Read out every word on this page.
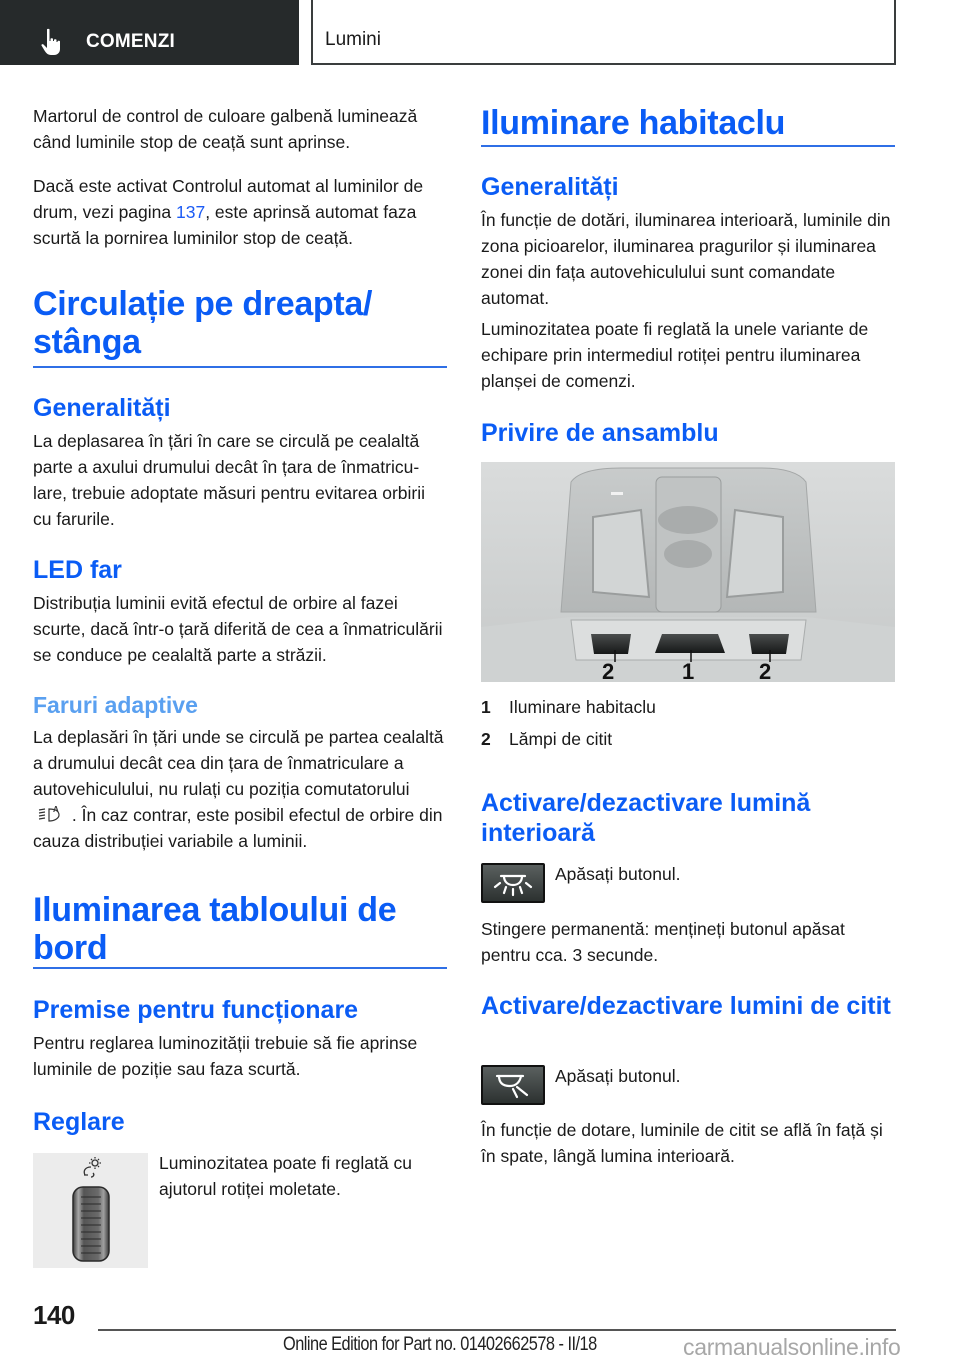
COMENZI	Lumini

Martorul de control de culoare galbenă luminează când luminile stop de ceață sunt aprinse.

Dacă este activat Controlul automat al luminilor de drum, vezi pagina 137, este aprinsă automat faza scurtă la pornirea luminilor stop de ceață.

Circulație pe dreapta/ stânga
Generalități

La deplasarea în țări în care se circulă pe cealaltă parte a axului drumului decât în țara de înmatriculare, trebuie adoptate măsuri pentru evitarea orbirii cu farurile.

LED far

Distribuția luminii evită efectul de orbire al fazei scurte, dacă într-o țară diferită de cea a înmatriculării se conduce pe cealaltă parte a străzii.

Faruri adaptive

La deplasări în țări unde se circulă pe partea cealaltă a drumului decât cea din țara de înmatriculare a autovehiculului, nu rulați cu poziția comutatorului
A . În caz contrar, este posibil efectul de orbire din cauza distribuției variabile a luminii.

Iluminarea tabloului de bord
Premise pentru funcționare

Pentru reglarea luminozității trebuie să fie aprinse luminile de poziție sau faza scurtă.

Reglare

Luminozitatea poate fi reglată cu ajutorul rotiței moletate.

Iluminare habitaclu
Generalități

În funcție de dotări, iluminarea interioară, luminile din zona picioarelor, iluminarea pragurilor și iluminarea zonei din fața autovehiculului sunt comandate automat.

Luminozitatea poate fi reglată la unele variante de echipare prin intermediul rotiței pentru iluminarea planșei de comenzi.

Privire de ansamblu
2	1	2
1 Iluminare habitaclu
2 Lămpi de citit
Activare/dezactivare lumină interioară

Apăsați butonul.

Stingere permanentă: mențineți butonul apăsat pentru cca. 3 secunde.

Activare/dezactivare lumini de citit

Apăsați butonul.

În funcție de dotare, luminile de citit se află în față și în spate, lângă lumina interioară.

140
Online Edition for Part no. 01402662578 - II/18	carmanualsonline.info
